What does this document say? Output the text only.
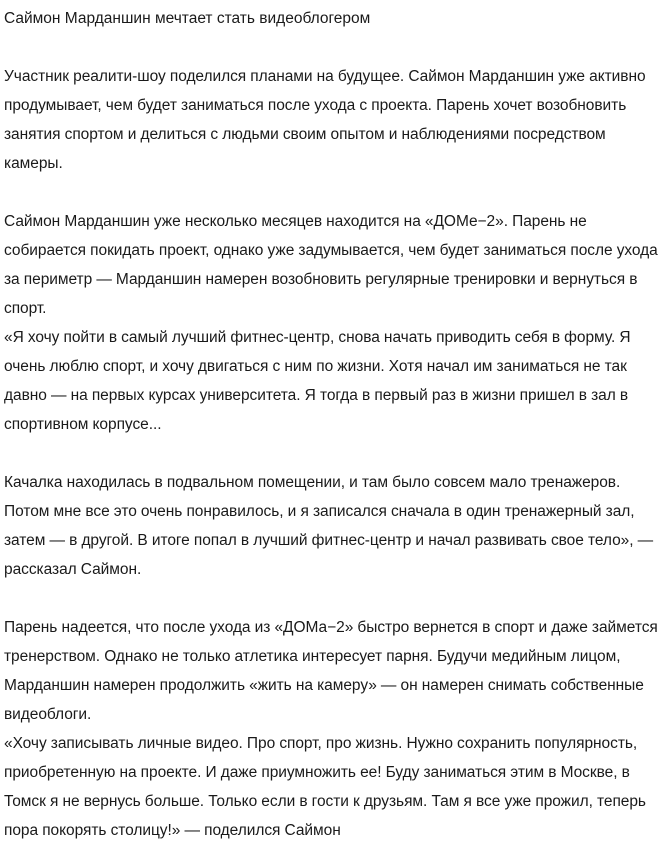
Саймон Марданшин мечтает стать видеоблогером

Участник реалити-шоу поделился планами на будущее. Саймон Марданшин уже активно продумывает, чем будет заниматься после ухода с проекта. Парень хочет возобновить занятия спортом и делиться с людьми своим опытом и наблюдениями посредством камеры.

Саймон Марданшин уже несколько месяцев находится на «ДОМе−2». Парень не собирается покидать проект, однако уже задумывается, чем будет заниматься после ухода за периметр — Марданшин намерен возобновить регулярные тренировки и вернуться в спорт.

«Я хочу пойти в самый лучший фитнес-центр, снова начать приводить себя в форму. Я очень люблю спорт, и хочу двигаться с ним по жизни. Хотя начал им заниматься не так давно — на первых курсах университета. Я тогда в первый раз в жизни пришел в зал в спортивном корпусе...

Качалка находилась в подвальном помещении, и там было совсем мало тренажеров. Потом мне все это очень понравилось, и я записался сначала в один тренажерный зал, затем — в другой. В итоге попал в лучший фитнес-центр и начал развивать свое тело», — рассказал Саймон.

Парень надеется, что после ухода из «ДОМа−2» быстро вернется в спорт и даже займется тренерством. Однако не только атлетика интересует парня. Будучи медийным лицом, Марданшин намерен продолжить «жить на камеру» — он намерен снимать собственные видеоблоги.

«Хочу записывать личные видео. Про спорт, про жизнь. Нужно сохранить популярность, приобретенную на проекте. И даже приумножить ее! Буду заниматься этим в Москве, в Томск я не вернусь больше. Только если в гости к друзьям. Там я все уже прожил, теперь пора покорять столицу!» — поделился Саймон
